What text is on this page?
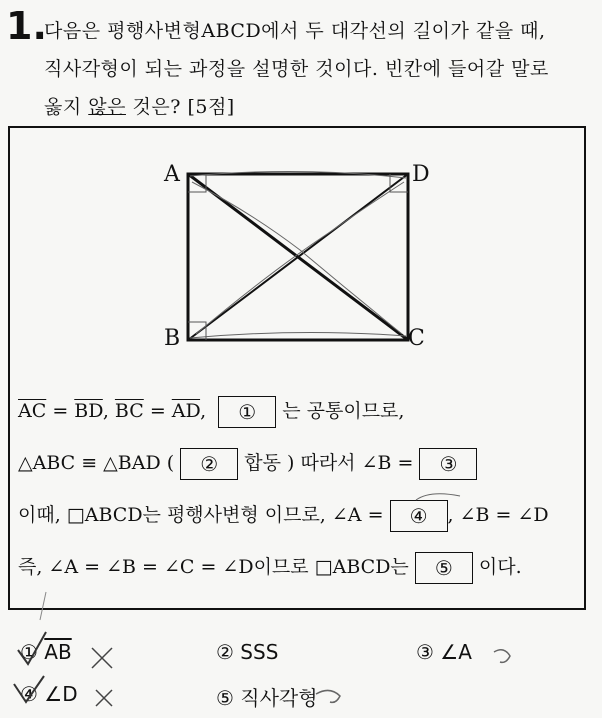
1.
다음은 평행사변형ABCD에서 두 대각선의 길이가 같을 때,
직사각형이 되는 과정을 설명한 것이다. 빈칸에 들어갈 말로
옳지 않은 것은? [5점]
A	D
B	C
$\overline{AC} = \overline{BD}$, $\overline{BC} = \overline{AD}$, ① 는 공통이므로,
△ABC ≡ △BAD ( ② 합동 ) 따라서 ∠B = ③
이때, □ABCD는 평행사변형 이므로, ∠A = ④ , ∠B = ∠D
즉, ∠A = ∠B = ∠C = ∠D이므로 □ABCD는 ⑤ 이다.
① $\overline{AB}$	② SSS	③ ∠A
④ ∠D	⑤ 직사각형
